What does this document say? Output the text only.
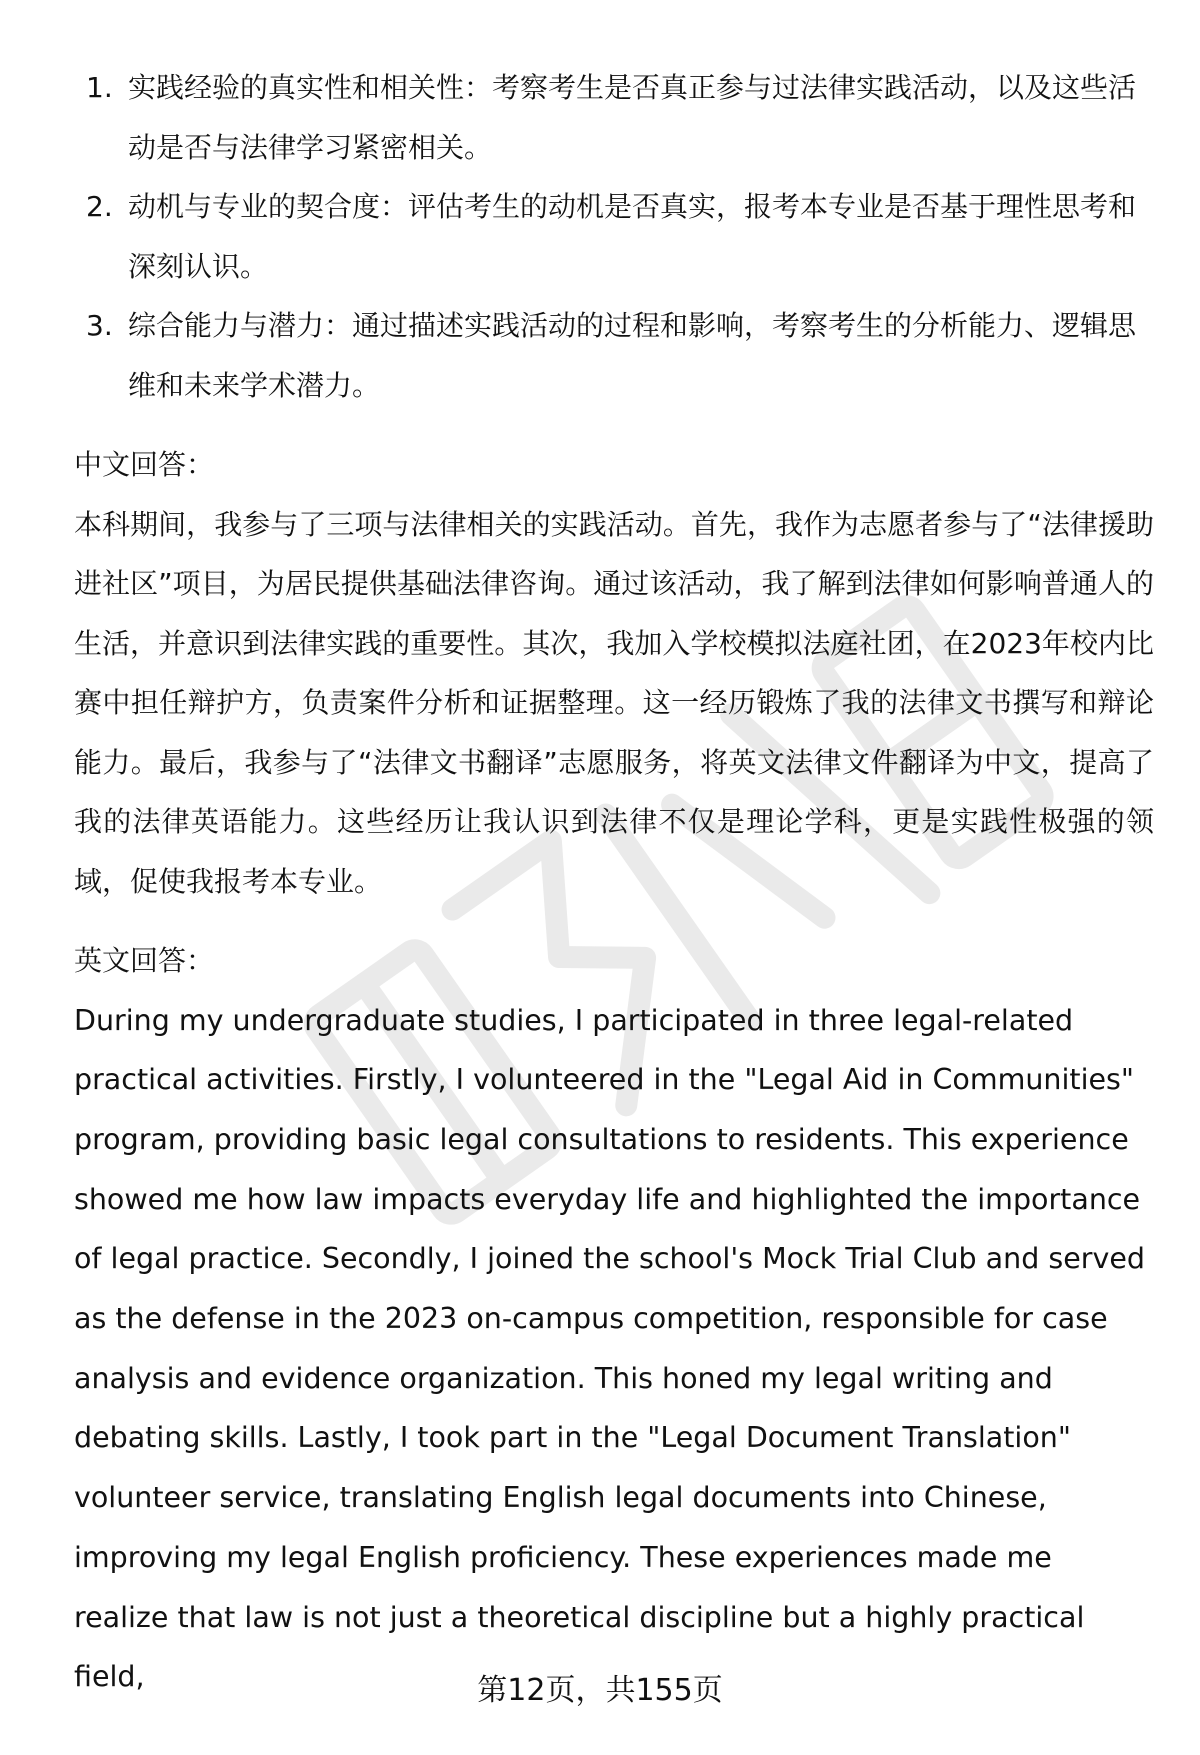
1. 实践经验的真实性和相关性：考察考生是否真正参与过法律实践活动，以及这些活动是否与法律学习紧密相关。
2. 动机与专业的契合度：评估考生的动机是否真实，报考本专业是否基于理性思考和深刻认识。
3. 综合能力与潜力：通过描述实践活动的过程和影响，考察考生的分析能力、逻辑思维和未来学术潜力。
中文回答：

本科期间，我参与了三项与法律相关的实践活动。首先，我作为志愿者参与了“法律援助进社区”项目，为居民提供基础法律咨询。通过该活动，我了解到法律如何影响普通人的生活，并意识到法律实践的重要性。其次，我加入学校模拟法庭社团，在2023年校内比赛中担任辩护方，负责案件分析和证据整理。这一经历锻炼了我的法律文书撰写和辩论能力。最后，我参与了“法律文书翻译”志愿服务，将英文法律文件翻译为中文，提高了我的法律英语能力。这些经历让我认识到法律不仅是理论学科，更是实践性极强的领域，促使我报考本专业。

英文回答：

During my undergraduate studies, I participated in three legal-related practical activities. Firstly, I volunteered in the "Legal Aid in Communities" program, providing basic legal consultations to residents. This experience showed me how law impacts everyday life and highlighted the importance of legal practice. Secondly, I joined the school's Mock Trial Club and served as the defense in the 2023 on-campus competition, responsible for case analysis and evidence organization. This honed my legal writing and debating skills. Lastly, I took part in the "Legal Document Translation" volunteer service, translating English legal documents into Chinese, improving my legal English proficiency. These experiences made me realize that law is not just a theoretical discipline but a highly practical field,	第12页，共155页
